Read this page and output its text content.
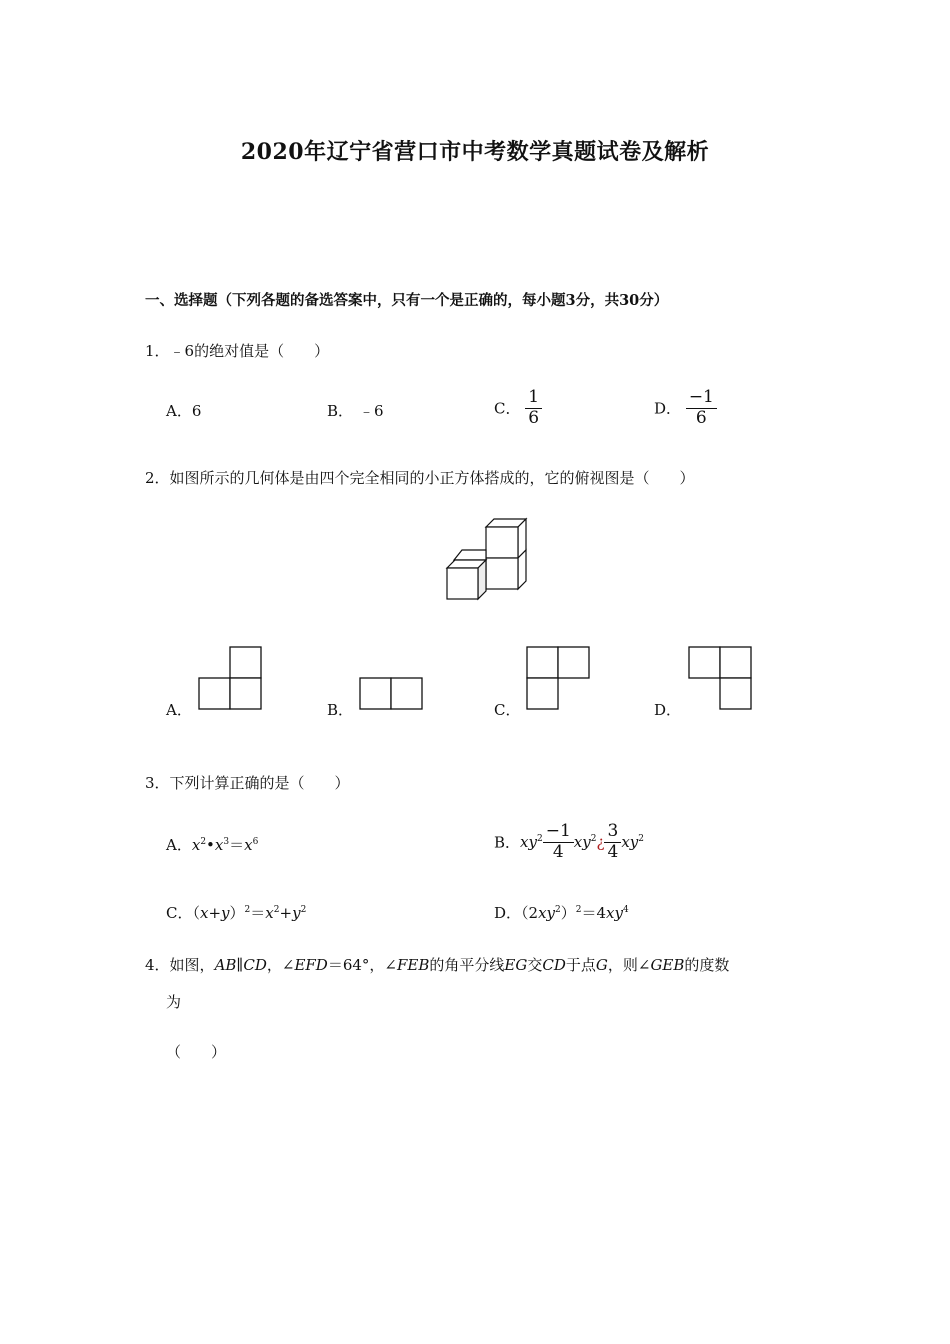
2020年辽宁省营口市中考数学真题试卷及解析
一、选择题（下列各题的备选答案中，只有一个是正确的，每小题3分，共30分）
1．﹣6的绝对值是（　　）
A．6	B． ﹣6	C． $\frac{1}{6}$	D． $\frac{-1}{6}$
2．如图所示的几何体是由四个完全相同的小正方体搭成的，它的俯视图是（　　）
A．	B．	C．	D．
3．下列计算正确的是（　　）
A．$x^2•x^3=x^6$	B．$xy^2 \frac{-1}{4}$ $xy^2¿ \frac{3}{4} xy^2$
C．$(x+y)^2=x^2+y^2$	D．$(2xy^2)^2=4xy^4$
4．如图，AB∥CD，∠EFD＝64°，∠FEB的角平分线EG交CD于点G，则∠GEB的度数
为
（　　）
